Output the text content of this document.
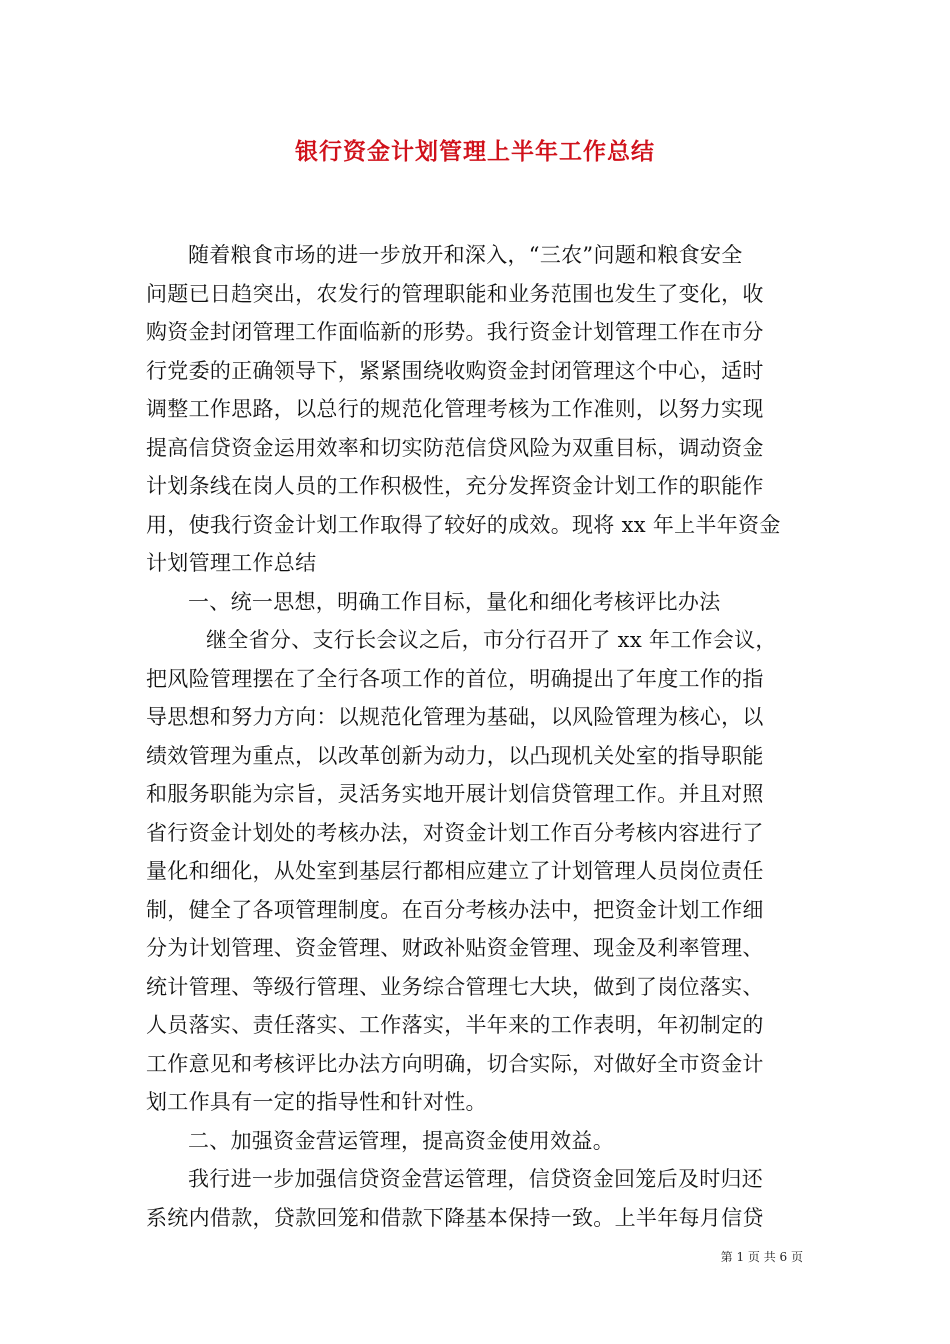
银行资金计划管理上半年工作总结

随着粮食市场的进一步放开和深入，“三农”问题和粮食安全

问题已日趋突出，农发行的管理职能和业务范围也发生了变化，收

购资金封闭管理工作面临新的形势。我行资金计划管理工作在市分

行党委的正确领导下，紧紧围绕收购资金封闭管理这个中心，适时

调整工作思路，以总行的规范化管理考核为工作准则，以努力实现

提高信贷资金运用效率和切实防范信贷风险为双重目标，调动资金

计划条线在岗人员的工作积极性，充分发挥资金计划工作的职能作

用，使我行资金计划工作取得了较好的成效。现将 xx 年上半年资金

计划管理工作总结

一、统一思想，明确工作目标，量化和细化考核评比办法

继全省分、支行长会议之后，市分行召开了 xx 年工作会议，

把风险管理摆在了全行各项工作的首位，明确提出了年度工作的指

导思想和努力方向：以规范化管理为基础，以风险管理为核心，以

绩效管理为重点，以改革创新为动力，以凸现机关处室的指导职能

和服务职能为宗旨，灵活务实地开展计划信贷管理工作。并且对照

省行资金计划处的考核办法，对资金计划工作百分考核内容进行了

量化和细化，从处室到基层行都相应建立了计划管理人员岗位责任

制，健全了各项管理制度。在百分考核办法中，把资金计划工作细

分为计划管理、资金管理、财政补贴资金管理、现金及利率管理、

统计管理、等级行管理、业务综合管理七大块，做到了岗位落实、

人员落实、责任落实、工作落实，半年来的工作表明，年初制定的

工作意见和考核评比办法方向明确，切合实际，对做好全市资金计

划工作具有一定的指导性和针对性。

二、加强资金营运管理，提高资金使用效益。

我行进一步加强信贷资金营运管理，信贷资金回笼后及时归还

系统内借款，贷款回笼和借款下降基本保持一致。上半年每月信贷

第 1 页 共 6 页
